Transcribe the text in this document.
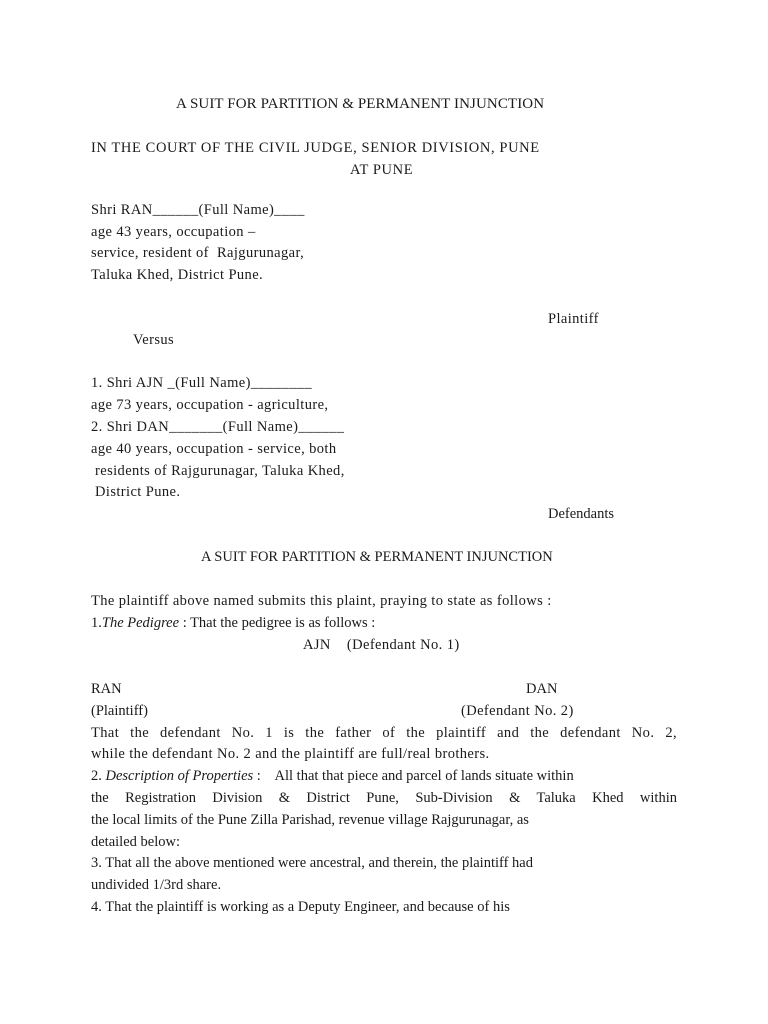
A SUIT FOR PARTITION & PERMANENT INJUNCTION
IN THE COURT OF THE CIVIL JUDGE, SENIOR DIVISION, PUNE
AT PUNE
Shri RAN______(Full Name)____
age 43 years, occupation –
service, resident of  Rajgurunagar,
Taluka Khed, District Pune.
Plaintiff
Versus
1. Shri AJN _(Full Name)________
age 73 years, occupation - agriculture,
2. Shri DAN_______(Full Name)______
age 40 years, occupation - service, both
residents of Rajgurunagar, Taluka Khed,
District Pune.
Defendants
A SUIT FOR PARTITION & PERMANENT INJUNCTION
The plaintiff above named submits this plaint, praying to state as follows :
1.The Pedigree : That the pedigree is as follows :
AJN    (Defendant No. 1)
RAN	DAN
(Plaintiff)	(Defendant No. 2)
That the defendant No. 1 is the father of the plaintiff and the defendant No. 2,
while the defendant No. 2 and the plaintiff are full/real brothers.
2. Description of Properties :    All that that piece and parcel of lands situate within
the Registration Division & District Pune, Sub-Division & Taluka Khed within
the local limits of the Pune Zilla Parishad, revenue village Rajgurunagar, as
detailed below:
3. That all the above mentioned were ancestral, and therein, the plaintiff had
undivided 1/3rd share.
4. That the plaintiff is working as a Deputy Engineer, and because of his
